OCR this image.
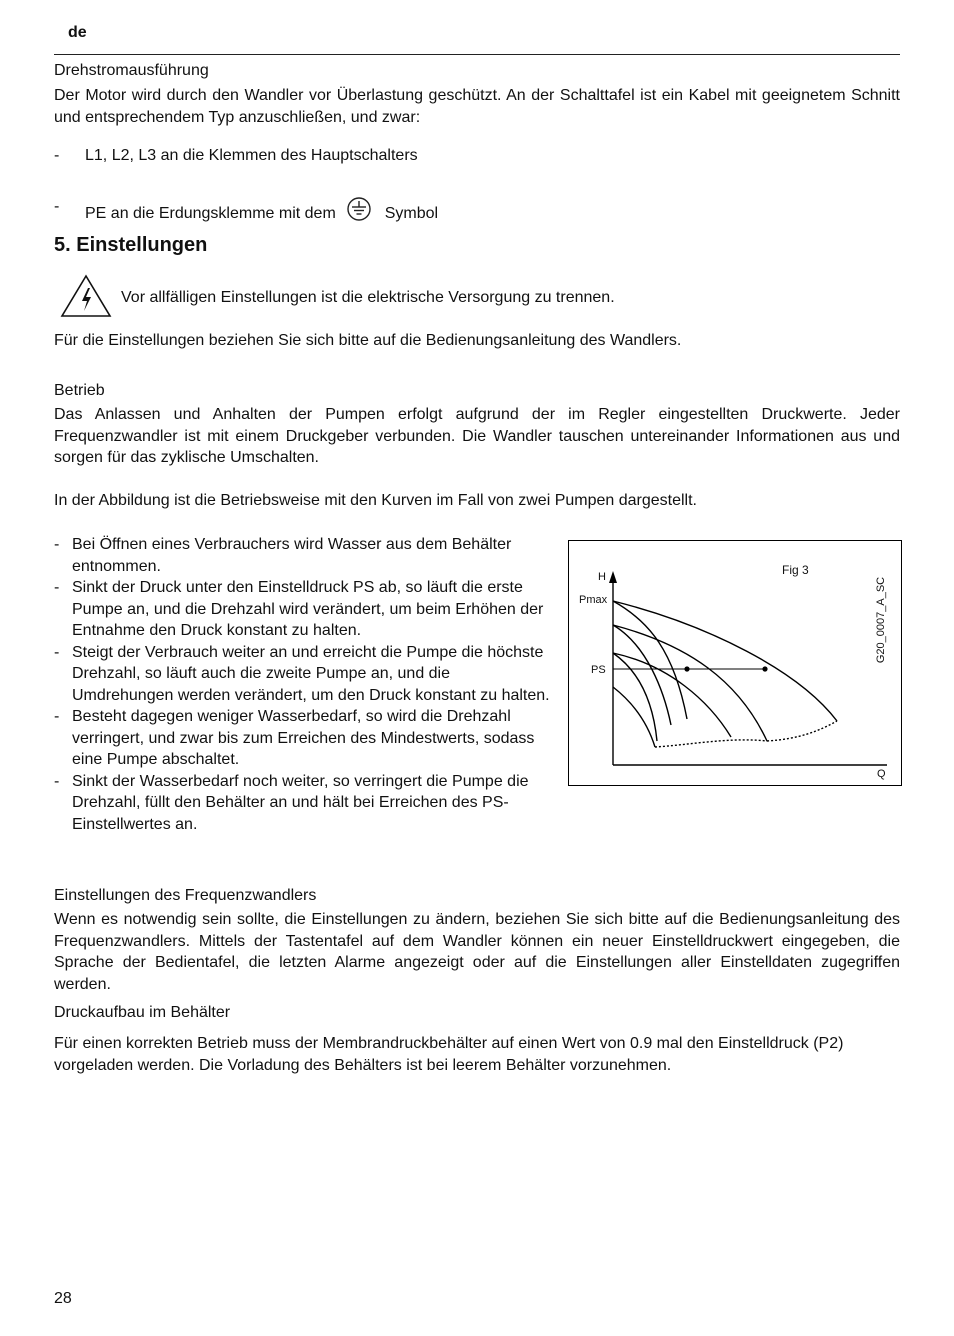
de
Drehstromausführung
Der Motor wird durch den Wandler vor Überlastung geschützt. An der Schalttafel ist ein Kabel mit geeignetem Schnitt und entsprechendem Typ anzuschließen, und zwar:
- L1, L2, L3 an die Klemmen des Hauptschalters
- PE an die Erdungsklemme mit dem	Symbol
5. Einstellungen
Vor allfälligen Einstellungen ist die elektrische Versorgung zu trennen.
Für die Einstellungen beziehen Sie sich bitte auf die Bedienungsanleitung des Wandlers.
Betrieb
Das Anlassen und Anhalten der Pumpen erfolgt aufgrund der im Regler eingestellten Druckwerte. Jeder Frequenzwandler ist mit einem Druckgeber verbunden. Die Wandler tauschen untereinander Informationen aus und sorgen für das zyklische Umschalten.
In der Abbildung ist die Betriebsweise mit den Kurven im Fall von zwei Pumpen dargestellt.
- Bei Öffnen eines Verbrauchers wird Wasser aus dem Behälter entnommen.
- Sinkt der Druck unter den Einstelldruck PS ab, so läuft die erste Pumpe an, und die Drehzahl wird verändert, um beim Erhöhen der Entnahme den Druck konstant zu halten.
- Steigt der Verbrauch weiter an und erreicht die Pumpe die höchste Drehzahl, so läuft auch die zweite Pumpe an, und die Umdrehungen werden verändert, um den Druck konstant zu halten.
- Besteht dagegen weniger Wasserbedarf, so wird die Drehzahl verringert, und zwar bis zum Erreichen des Mindestwerts, sodass eine Pumpe abschaltet.
- Sinkt der Wasserbedarf noch weiter, so verringert die Pumpe die Drehzahl, füllt den Behälter an und hält bei Erreichen des PS-Einstellwertes an.
H
Pmax
PS
Fig 3
Q
G20_0007_A_SC
Einstellungen des Frequenzwandlers
Wenn es notwendig sein sollte, die Einstellungen zu ändern, beziehen Sie sich bitte auf die Bedienungsanleitung des Frequenzwandlers. Mittels der Tastentafel auf dem Wandler können ein neuer Einstelldruckwert eingegeben, die Sprache der Bedientafel, die letzten Alarme angezeigt oder auf die Einstellungen aller Einstelldaten zugegriffen werden.
Druckaufbau im Behälter
Für einen korrekten Betrieb muss der Membrandruckbehälter auf einen Wert von 0.9 mal den Einstelldruck (P2) vorgeladen werden. Die Vorladung des Behälters ist bei leerem Behälter vorzunehmen.
28
